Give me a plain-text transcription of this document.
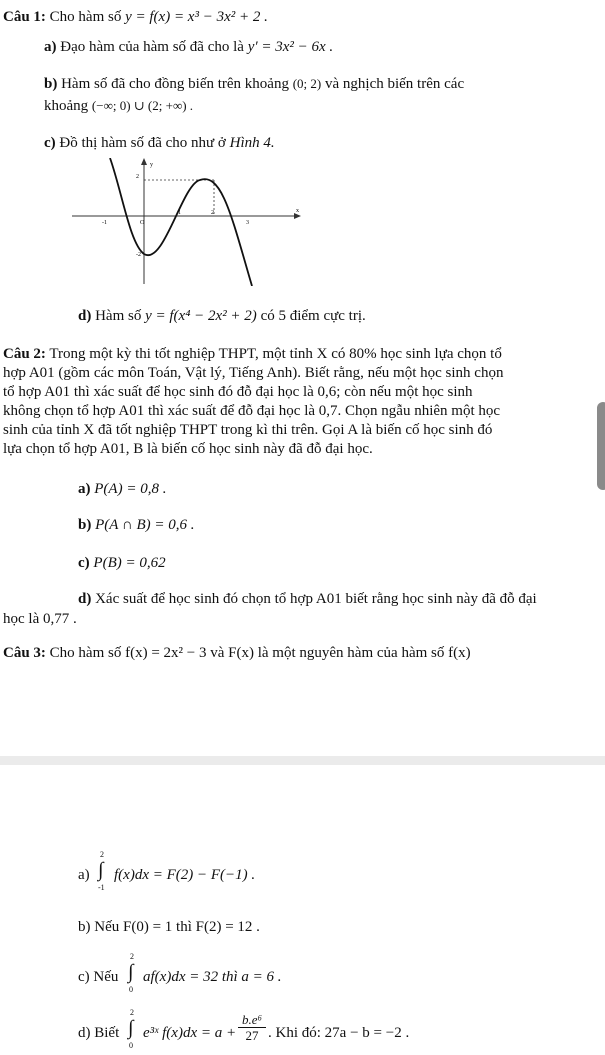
Câu 1: Cho hàm số y = f(x) = x³ − 3x² + 2 .
a) Đạo hàm của hàm số đã cho là y′ = 3x² − 6x .
b) Hàm số đã cho đồng biến trên khoảng (0; 2) và nghịch biến trên các
khoảng (−∞; 0) ∪ (2; +∞) .
c) Đồ thị hàm số đã cho như ở Hình 4.
y
x
2
-2
-1	O
1	2
3
d) Hàm số y = f(x⁴ − 2x² + 2) có 5 điểm cực trị.
Câu 2: Trong một kỳ thi tốt nghiệp THPT, một tỉnh X có 80% học sinh lựa chọn tổ
hợp A01 (gồm các môn Toán, Vật lý, Tiếng Anh). Biết rằng, nếu một học sinh chọn
tổ hợp A01 thì xác suất để học sinh đó đỗ đại học là 0,6; còn nếu một học sinh
không chọn tổ hợp A01 thì xác suất để đỗ đại học là 0,7. Chọn ngẫu nhiên một học
sinh của tỉnh X đã tốt nghiệp THPT trong kì thi trên. Gọi A là biến cố học sinh đó
lựa chọn tổ hợp A01, B là biến cố học sinh này đã đỗ đại học.
a) P(A) = 0,8 .
b) P(A ∩ B) = 0,6 .
c) P(B) = 0,62
d) Xác suất để học sinh đó chọn tổ hợp A01 biết rằng học sinh này đã đỗ đại
học là 0,77 .
Câu 3: Cho hàm số f(x) = 2x² − 3 và F(x) là một nguyên hàm của hàm số f(x)
a)
2
∫
-1
f(x)dx = F(2) − F(−1) .
b) Nếu F(0) = 1 thì F(2) = 12 .
c) Nếu
2
∫
0
af(x)dx = 32 thì a = 6 .
d) Biết
2
∫
0
e³ˣ $f(x)dx = a + \frac{\text{b.e⁶}}{27}$ . Khi đó: 27a − b = −2 .
